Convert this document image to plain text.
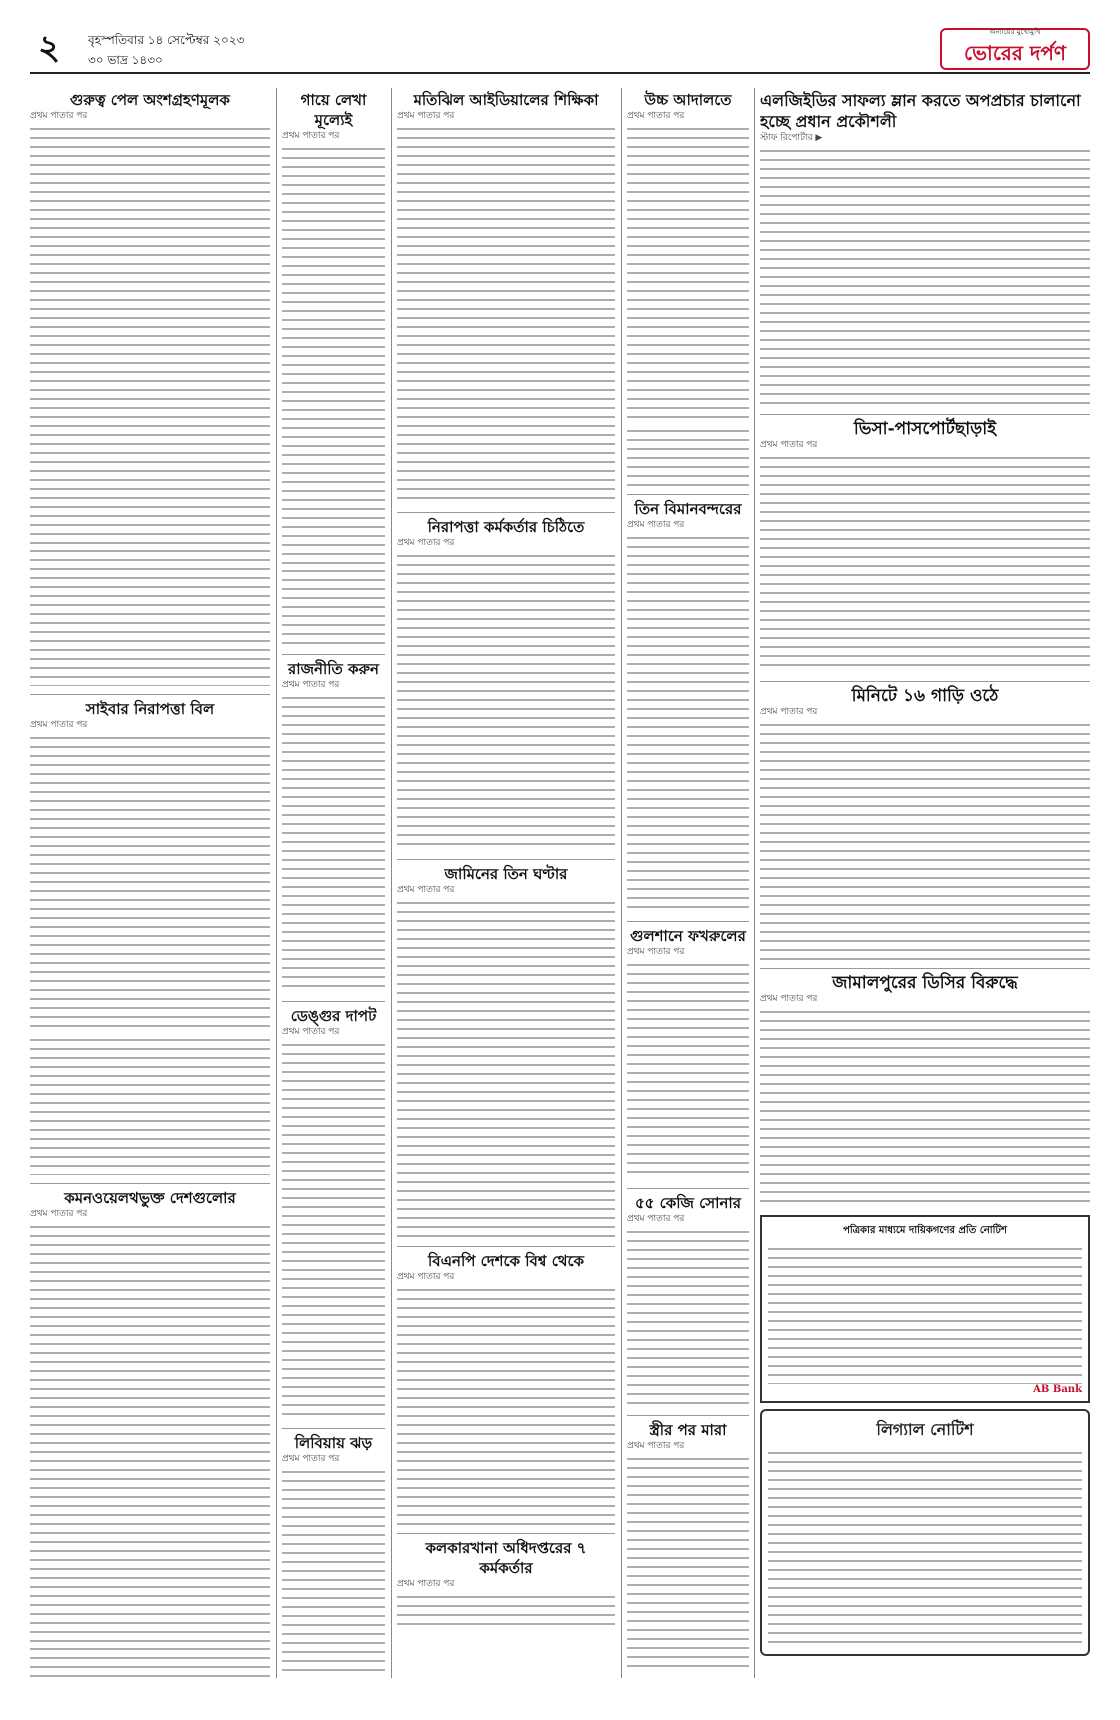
২ বৃহস্পতিবার ১৪ সেপ্টেম্বর ২০২৩
৩০ ভাদ্র ১৪৩০
অন্যায়ের মুখোমুখি
ভোরের দর্পণ
গুরুত্ব পেল অংশগ্রহণমূলক
প্রথম পাতার পর
সাইবার নিরাপত্তা বিল
প্রথম পাতার পর
কমনওয়েলথভুক্ত দেশগুলোর
প্রথম পাতার পর
গায়ে লেখা মূল্যেই
প্রথম পাতার পর
রাজনীতি করুন
প্রথম পাতার পর
ডেঙ্গুর দাপট
প্রথম পাতার পর
লিবিয়ায় ঝড়
প্রথম পাতার পর
মতিঝিল আইডিয়ালের শিক্ষিকা
প্রথম পাতার পর
নিরাপত্তা কর্মকর্তার চিঠিতে
প্রথম পাতার পর
জামিনের তিন ঘণ্টার
প্রথম পাতার পর
বিএনপি দেশকে বিশ্ব থেকে
প্রথম পাতার পর
কলকারখানা অধিদপ্তরের ৭ কর্মকর্তার
প্রথম পাতার পর
উচ্চ আদালতে
প্রথম পাতার পর
তিন বিমানবন্দরের
প্রথম পাতার পর
গুলশানে ফখরুলের
প্রথম পাতার পর
৫৫ কেজি সোনার
প্রথম পাতার পর
স্ত্রীর পর মারা
প্রথম পাতার পর
এলজিইডির সাফল্য ম্লান করতে অপপ্রচার চালানো হচ্ছে প্রধান প্রকৌশলী
স্টাফ রিপোর্টার ▶
ভিসা-পাসপোর্টছাড়াই
প্রথম পাতার পর
মিনিটে ১৬ গাড়ি ওঠে
প্রথম পাতার পর
জামালপুরের ডিসির বিরুদ্ধে
প্রথম পাতার পর
পত্রিকার মাধ্যমে দায়িকগণের প্রতি নোটিশ
AB Bank
লিগ্যাল নোটিশ
